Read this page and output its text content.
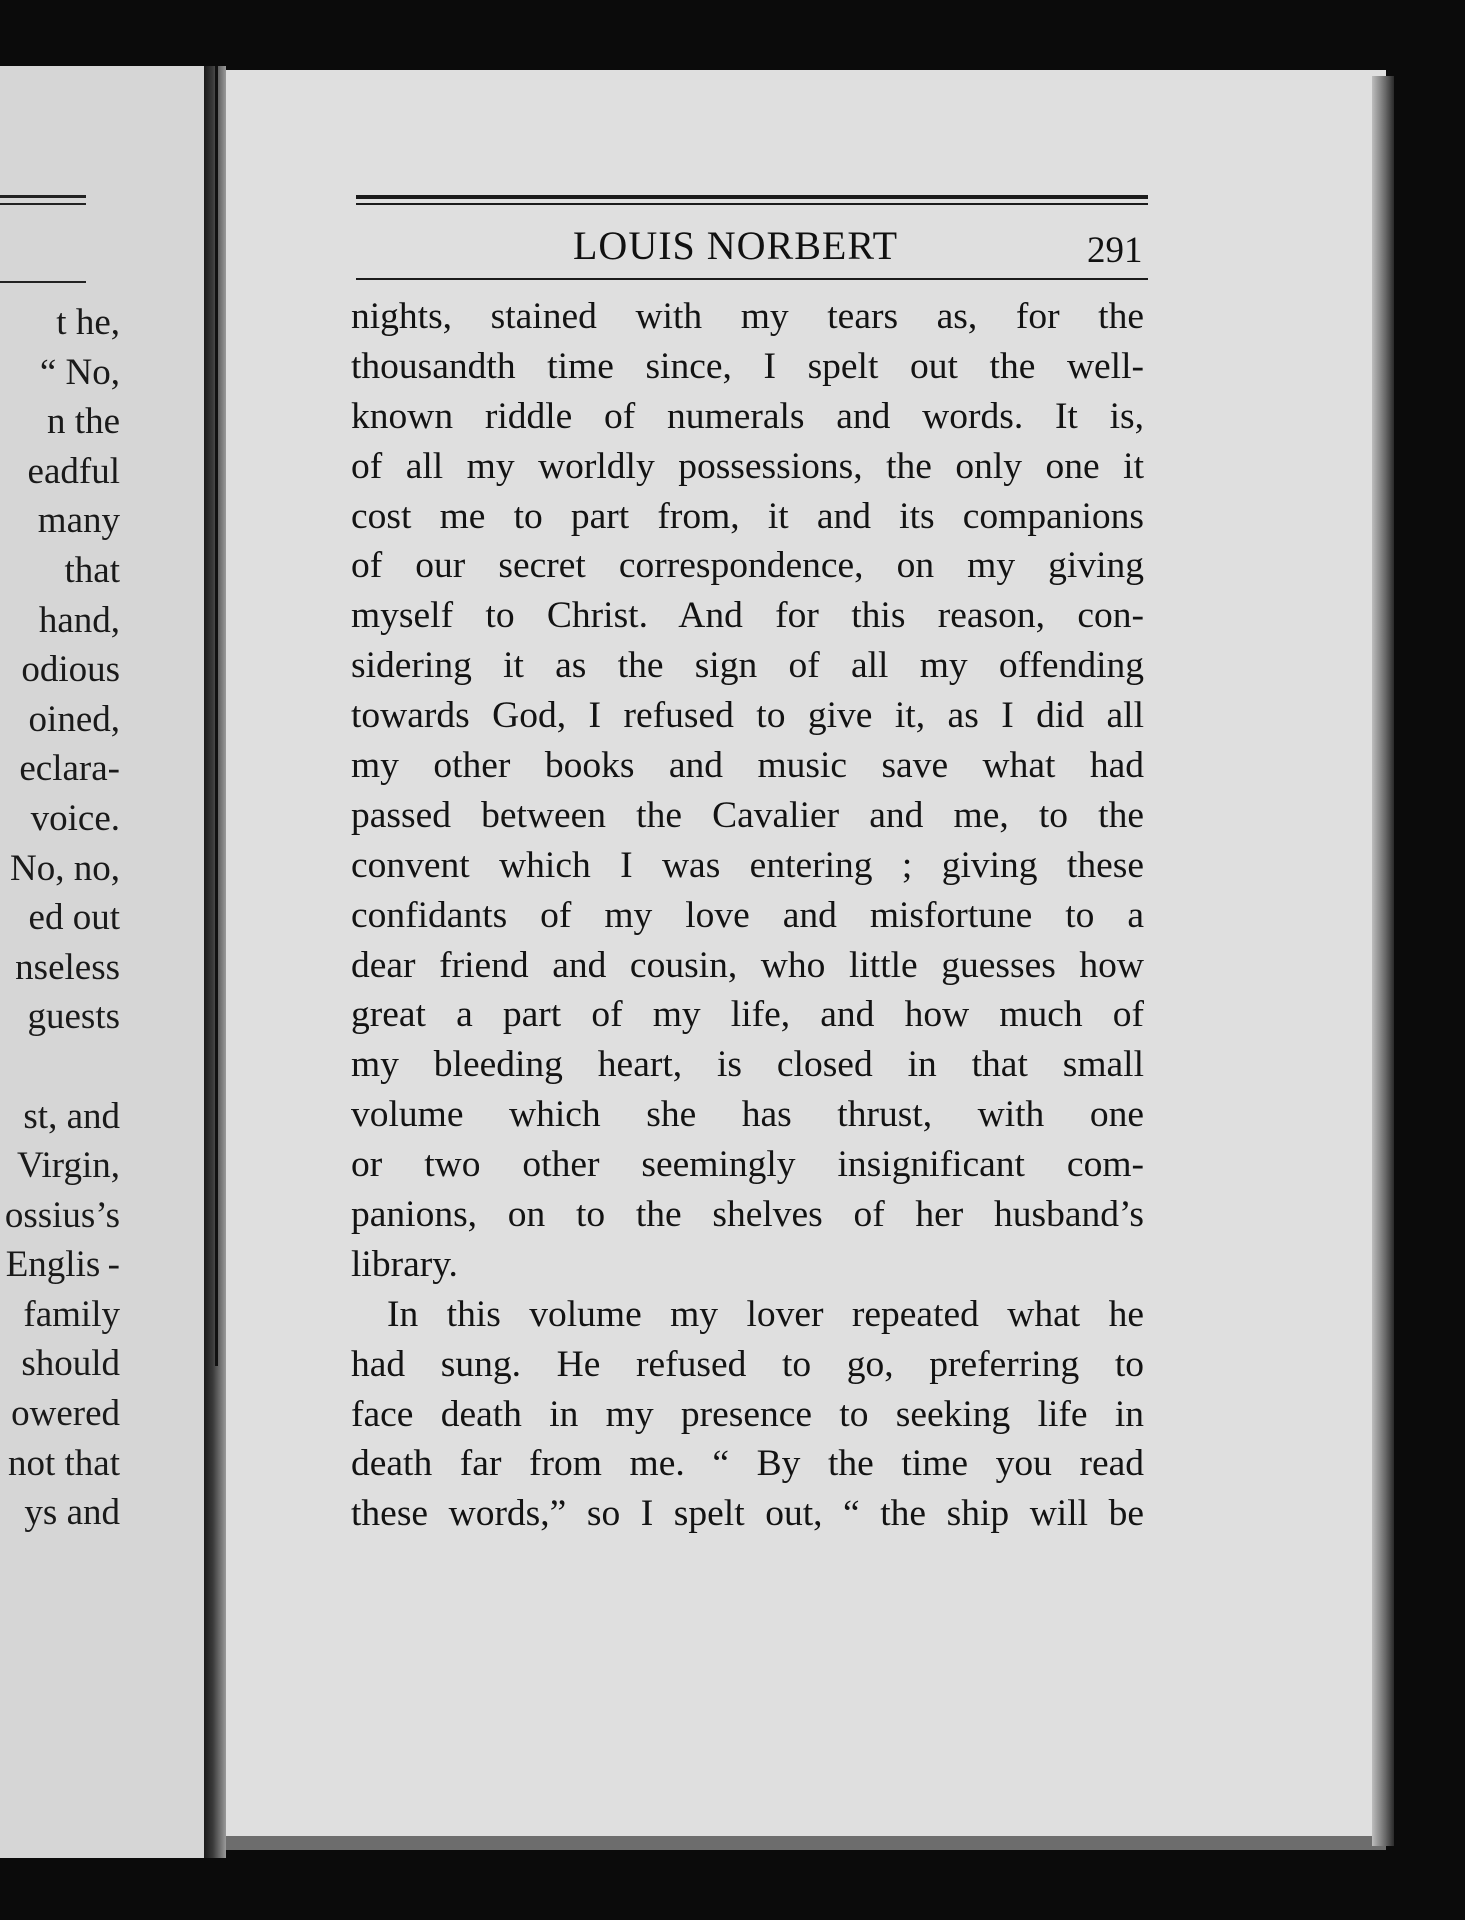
t he,
“ No,
n the
eadful
many
that
hand,
odious
oined,
eclara-
voice.
No, no,
ed out
nseless
guests
st, and
Virgin,
ossius’s
Englis -
family
should
owered
not that
ys and
LOUIS NORBERT	291
nights, stained with my tears as, for the
thousandth time since, I spelt out the well-
known riddle of numerals and words. It is,
of all my worldly possessions, the only one it
cost me to part from, it and its companions
of our secret correspondence, on my giving
myself to Christ. And for this reason, con-
sidering it as the sign of all my offending
towards God, I refused to give it, as I did all
my other books and music save what had
passed between the Cavalier and me, to the
convent which I was entering ; giving these
confidants of my love and misfortune to a
dear friend and cousin, who little guesses how
great a part of my life, and how much of
my bleeding heart, is closed in that small
volume which she has thrust, with one
or two other seemingly insignificant com-
panions, on to the shelves of her husband’s
library.
In this volume my lover repeated what he
had sung. He refused to go, preferring to
face death in my presence to seeking life in
death far from me. “ By the time you read
these words,” so I spelt out, “ the ship will be
